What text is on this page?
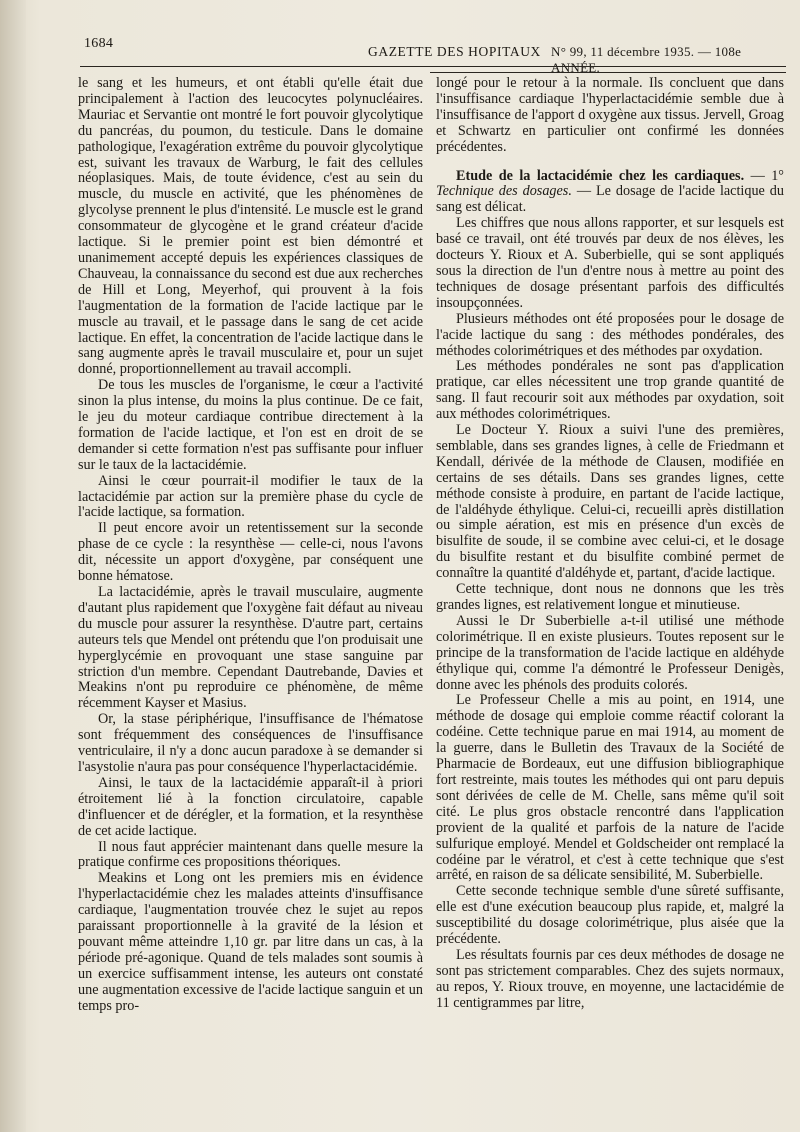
1684
GAZETTE DES HOPITAUX N° 99, 11 décembre 1935. — 108e ANNÉE.

le sang et les humeurs, et ont établi qu'elle était due principalement à l'action des leucocytes polynucléaires. Mauriac et Servantie ont montré le fort pouvoir glycolytique du pancréas, du poumon, du testicule. Dans le domaine pathologique, l'exagération extrême du pouvoir glycolytique est, suivant les travaux de Warburg, le fait des cellules néoplasiques. Mais, de toute évidence, c'est au sein du muscle, du muscle en activité, que les phénomènes de glycolyse prennent le plus d'intensité. Le muscle est le grand consommateur de glycogène et le grand créateur d'acide lactique. Si le premier point est bien démontré et unanimement accepté depuis les expériences classiques de Chauveau, la connaissance du second est due aux recherches de Hill et Long, Meyerhof, qui prouvent à la fois l'augmentation de la formation de l'acide lactique par le muscle au travail, et le passage dans le sang de cet acide lactique. En effet, la concentration de l'acide lactique dans le sang augmente après le travail musculaire et, pour un sujet donné, proportionnellement au travail accompli.

De tous les muscles de l'organisme, le cœur a l'activité sinon la plus intense, du moins la plus continue. De ce fait, le jeu du moteur cardiaque contribue directement à la formation de l'acide lactique, et l'on est en droit de se demander si cette formation n'est pas suffisante pour influer sur le taux de la lactacidémie.

Ainsi le cœur pourrait-il modifier le taux de la lactacidémie par action sur la première phase du cycle de l'acide lactique, sa formation.

Il peut encore avoir un retentissement sur la seconde phase de ce cycle : la resynthèse — celle-ci, nous l'avons dit, nécessite un apport d'oxygène, par conséquent une bonne hématose.

La lactacidémie, après le travail musculaire, augmente d'autant plus rapidement que l'oxygène fait défaut au niveau du muscle pour assurer la resynthèse. D'autre part, certains auteurs tels que Mendel ont prétendu que l'on produisait une hyperglycémie en provoquant une stase sanguine par striction d'un membre. Cependant Dautrebande, Davies et Meakins n'ont pu reproduire ce phénomène, de même récemment Kayser et Masius.

Or, la stase périphérique, l'insuffisance de l'hématose sont fréquemment des conséquences de l'insuffisance ventriculaire, il n'y a donc aucun paradoxe à se demander si l'asystolie n'aura pas pour conséquence l'hyperlactacidémie.

Ainsi, le taux de la lactacidémie apparaît-il à priori étroitement lié à la fonction circulatoire, capable d'influencer et de dérégler, et la formation, et la resynthèse de cet acide lactique.

Il nous faut apprécier maintenant dans quelle mesure la pratique confirme ces propositions théoriques.

Meakins et Long ont les premiers mis en évidence l'hyperlactacidémie chez les malades atteints d'insuffisance cardiaque, l'augmentation trouvée chez le sujet au repos paraissant proportionnelle à la gravité de la lésion et pouvant même atteindre 1,10 gr. par litre dans un cas, à la période pré-agonique. Quand de tels malades sont soumis à un exercice suffisamment intense, les auteurs ont constaté une augmentation excessive de l'acide lactique sanguin et un temps pro-

longé pour le retour à la normale. Ils concluent que dans l'insuffisance cardiaque l'hyperlactacidémie semble due à l'insuffisance de l'apport d oxygène aux tissus. Jervell, Groag et Schwartz en particulier ont confirmé les données précédentes.

Etude de la lactacidémie chez les cardiaques. — 1° Technique des dosages. — Le dosage de l'acide lactique du sang est délicat.

Les chiffres que nous allons rapporter, et sur lesquels est basé ce travail, ont été trouvés par deux de nos élèves, les docteurs Y. Rioux et A. Suberbielle, qui se sont appliqués sous la direction de l'un d'entre nous à mettre au point des techniques de dosage présentant parfois des difficultés insoupçonnées.

Plusieurs méthodes ont été proposées pour le dosage de l'acide lactique du sang : des méthodes pondérales, des méthodes colorimétriques et des méthodes par oxydation.

Les méthodes pondérales ne sont pas d'application pratique, car elles nécessitent une trop grande quantité de sang. Il faut recourir soit aux méthodes par oxydation, soit aux méthodes colorimétriques.

Le Docteur Y. Rioux a suivi l'une des premières, semblable, dans ses grandes lignes, à celle de Friedmann et Kendall, dérivée de la méthode de Clausen, modifiée en certains de ses détails. Dans ses grandes lignes, cette méthode consiste à produire, en partant de l'acide lactique, de l'aldéhyde éthylique. Celui-ci, recueilli après distillation ou simple aération, est mis en présence d'un excès de bisulfite de soude, il se combine avec celui-ci, et le dosage du bisulfite restant et du bisulfite combiné permet de connaître la quantité d'aldéhyde et, partant, d'acide lactique.

Cette technique, dont nous ne donnons que les très grandes lignes, est relativement longue et minutieuse.

Aussi le Dr Suberbielle a-t-il utilisé une méthode colorimétrique. Il en existe plusieurs. Toutes reposent sur le principe de la transformation de l'acide lactique en aldéhyde éthylique qui, comme l'a démontré le Professeur Denigès, donne avec les phénols des produits colorés.

Le Professeur Chelle a mis au point, en 1914, une méthode de dosage qui emploie comme réactif colorant la codéine. Cette technique parue en mai 1914, au moment de la guerre, dans le Bulletin des Travaux de la Société de Pharmacie de Bordeaux, eut une diffusion bibliographique fort restreinte, mais toutes les méthodes qui ont paru depuis sont dérivées de celle de M. Chelle, sans même qu'il soit cité. Le plus gros obstacle rencontré dans l'application provient de la qualité et parfois de la nature de l'acide sulfurique employé. Mendel et Goldscheider ont remplacé la codéine par le vératrol, et c'est à cette technique que s'est arrêté, en raison de sa délicate sensibilité, M. Suberbielle.

Cette seconde technique semble d'une sûreté suffisante, elle est d'une exécution beaucoup plus rapide, et, malgré la susceptibilité du dosage colorimétrique, plus aisée que la précédente.

Les résultats fournis par ces deux méthodes de dosage ne sont pas strictement comparables. Chez des sujets normaux, au repos, Y. Rioux trouve, en moyenne, une lactacidémie de 11 centigrammes par litre,
